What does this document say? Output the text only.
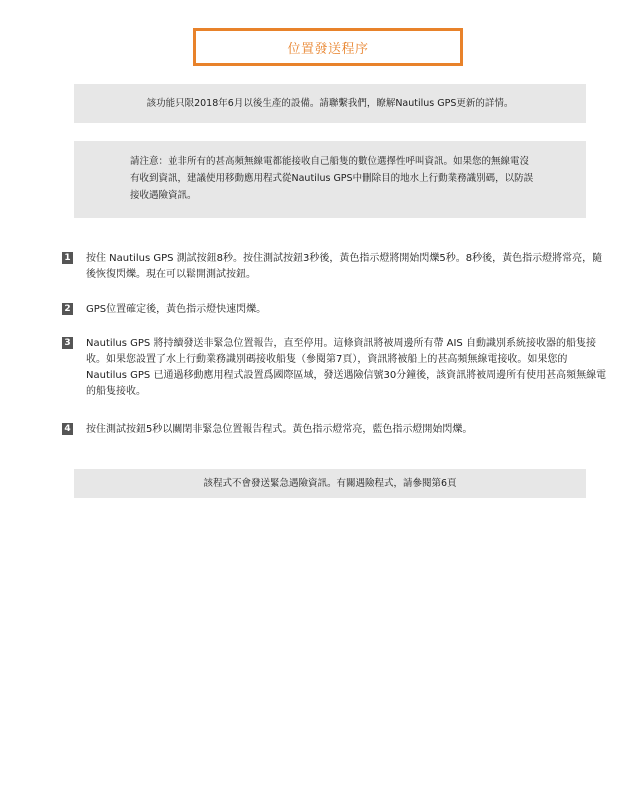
位置發送程序
該功能只限2018年6月以後生產的設備。請聯繫我們，瞭解Nautilus GPS更新的詳情。
請注意：並非所有的甚高頻無線電都能接收自己船隻的數位選擇性呼叫資訊。如果您的無線電沒有收到資訊，建議使用移動應用程式從Nautilus GPS中刪除目的地水上行動業務識別碼，以防誤接收遇險資訊。
1 按住 Nautilus GPS 測試按鈕8秒。按住測試按鈕3秒後，黃色指示燈將開始閃爍5秒。8秒後，黃色指示燈將常亮，隨後恢復閃爍。現在可以鬆開測試按鈕。
2 GPS位置確定後，黃色指示燈快速閃爍。
3 Nautilus GPS 將持續發送非緊急位置報告，直至停用。這條資訊將被周邊所有帶 AIS 自動識別系統接收器的船隻接收。如果您設置了水上行動業務識別碼接收船隻（參閱第7頁），資訊將被船上的甚高頻無線電接收。如果您的 Nautilus GPS 已通過移動應用程式設置爲國際區域，發送遇險信號30分鐘後，該資訊將被周邊所有使用甚高頻無線電的船隻接收。
4 按住測試按鈕5秒以關閉非緊急位置報告程式。黃色指示燈常亮，藍色指示燈開始閃爍。
該程式不會發送緊急遇險資訊。有關遇險程式，請參閱第6頁
